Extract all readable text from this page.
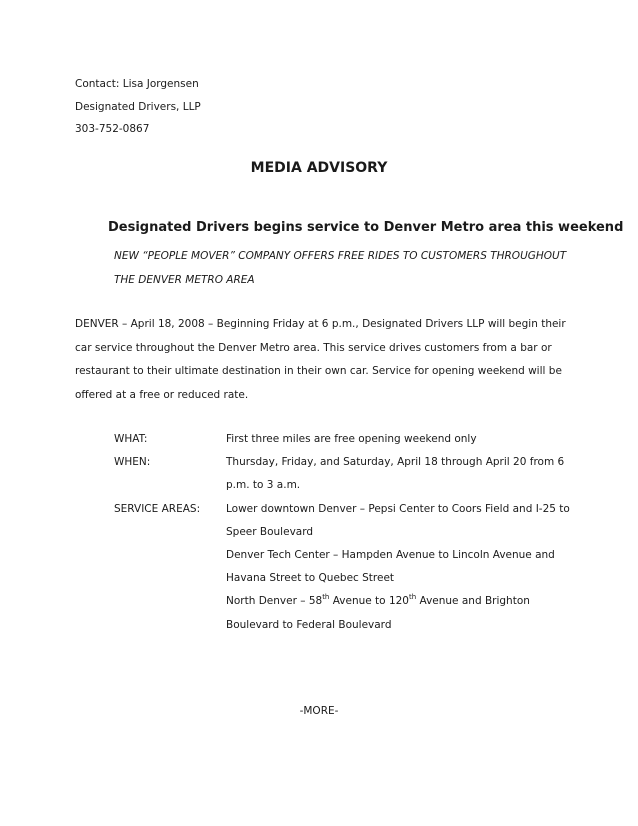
Contact: Lisa Jorgensen
Designated Drivers, LLP
303-752-0867
MEDIA ADVISORY
Designated Drivers begins service to Denver Metro area this weekend
NEW “PEOPLE MOVER” COMPANY OFFERS FREE RIDES TO CUSTOMERS THROUGHOUT THE DENVER METRO AREA
DENVER – April 18, 2008 – Beginning Friday at 6 p.m., Designated Drivers LLP will begin their car service throughout the Denver Metro area. This service drives customers from a bar or restaurant to their ultimate destination in their own car. Service for opening weekend will be offered at a free or reduced rate.
WHAT:	First three miles are free opening weekend only
WHEN:	Thursday, Friday, and Saturday, April 18 through April 20 from 6 p.m. to 3 a.m.
SERVICE AREAS:	Lower downtown Denver – Pepsi Center to Coors Field and I-25 to Speer Boulevard
Denver Tech Center – Hampden Avenue to Lincoln Avenue and Havana Street to Quebec Street
North Denver – 58th Avenue to 120th Avenue and Brighton Boulevard to Federal Boulevard
-MORE-
